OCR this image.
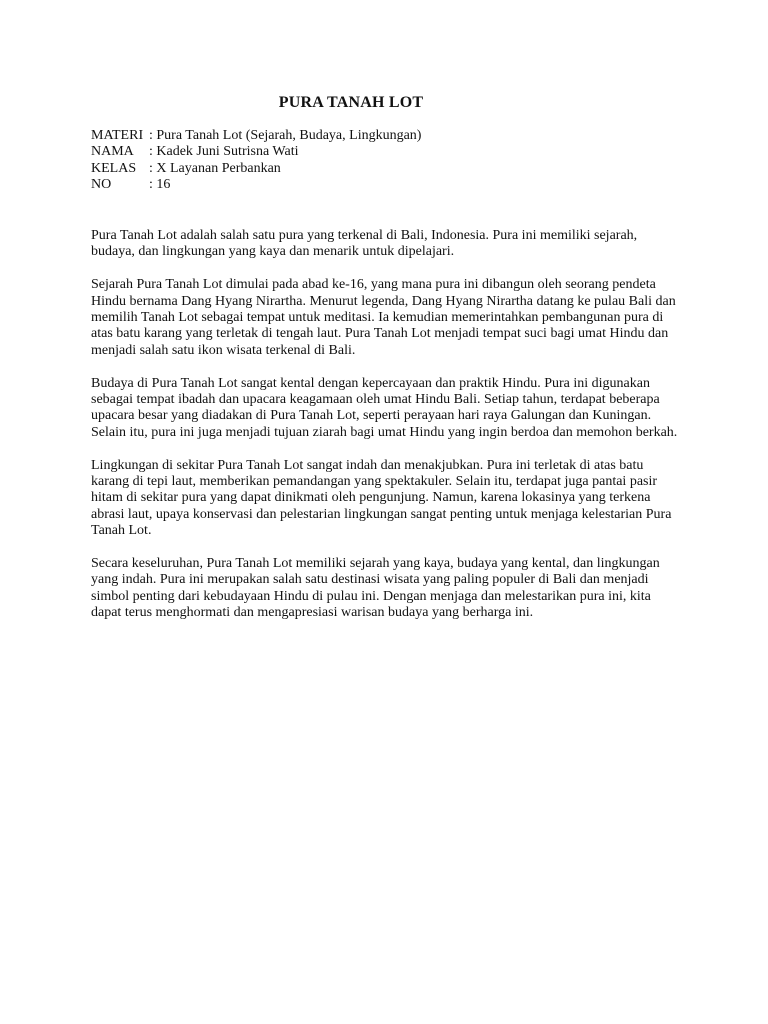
PURA TANAH LOT
MATERI : Pura Tanah Lot (Sejarah, Budaya, Lingkungan)
NAMA	: Kadek Juni Sutrisna Wati
KELAS : X Layanan Perbankan
NO	: 16

Pura Tanah Lot adalah salah satu pura yang terkenal di Bali, Indonesia. Pura ini memiliki sejarah, budaya, dan lingkungan yang kaya dan menarik untuk dipelajari.

Sejarah Pura Tanah Lot dimulai pada abad ke-16, yang mana pura ini dibangun oleh seorang pendeta Hindu bernama Dang Hyang Nirartha. Menurut legenda, Dang Hyang Nirartha datang ke pulau Bali dan memilih Tanah Lot sebagai tempat untuk meditasi. Ia kemudian memerintahkan pembangunan pura di atas batu karang yang terletak di tengah laut. Pura Tanah Lot menjadi tempat suci bagi umat Hindu dan menjadi salah satu ikon wisata terkenal di Bali.

Budaya di Pura Tanah Lot sangat kental dengan kepercayaan dan praktik Hindu. Pura ini digunakan sebagai tempat ibadah dan upacara keagamaan oleh umat Hindu Bali. Setiap tahun, terdapat beberapa upacara besar yang diadakan di Pura Tanah Lot, seperti perayaan hari raya Galungan dan Kuningan. Selain itu, pura ini juga menjadi tujuan ziarah bagi umat Hindu yang ingin berdoa dan memohon berkah.

Lingkungan di sekitar Pura Tanah Lot sangat indah dan menakjubkan. Pura ini terletak di atas batu karang di tepi laut, memberikan pemandangan yang spektakuler. Selain itu, terdapat juga pantai pasir hitam di sekitar pura yang dapat dinikmati oleh pengunjung. Namun, karena lokasinya yang terkena abrasi laut, upaya konservasi dan pelestarian lingkungan sangat penting untuk menjaga kelestarian Pura Tanah Lot.

Secara keseluruhan, Pura Tanah Lot memiliki sejarah yang kaya, budaya yang kental, dan lingkungan yang indah. Pura ini merupakan salah satu destinasi wisata yang paling populer di Bali dan menjadi simbol penting dari kebudayaan Hindu di pulau ini. Dengan menjaga dan melestarikan pura ini, kita dapat terus menghormati dan mengapresiasi warisan budaya yang berharga ini.
